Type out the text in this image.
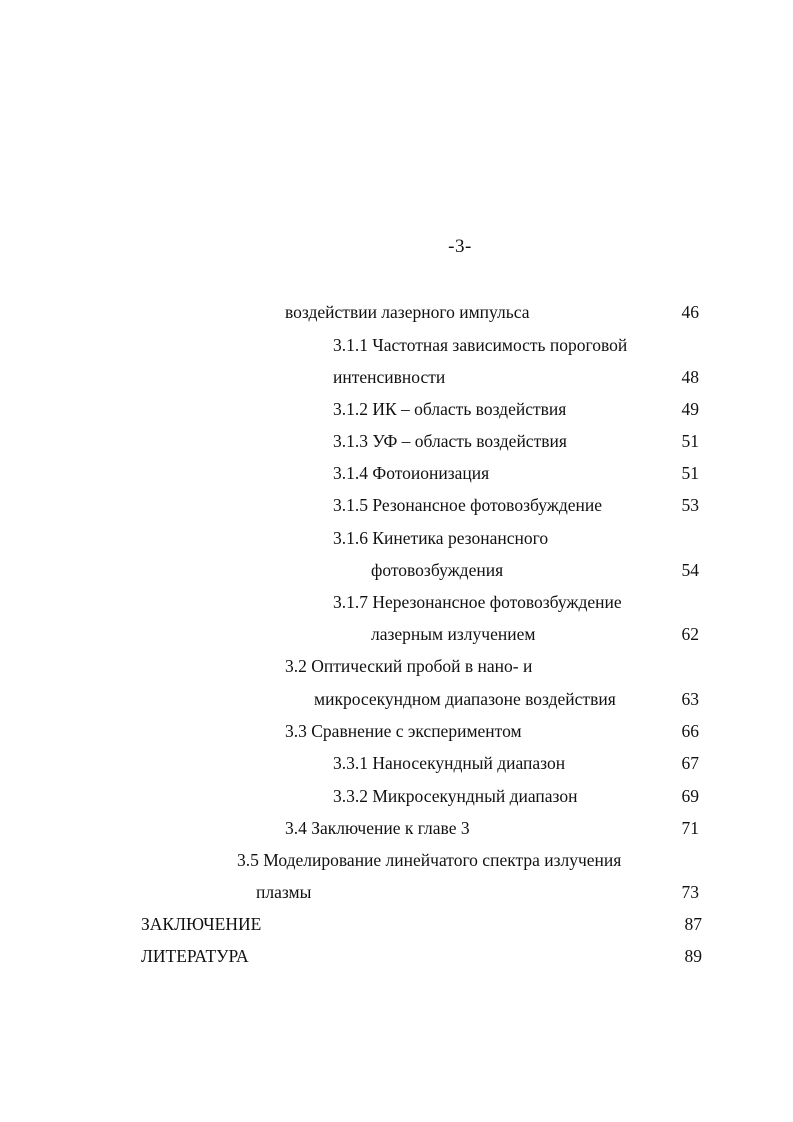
-3-
воздействии лазерного импульса	46
3.1.1 Частотная зависимость пороговой
интенсивности	48
3.1.2 ИК – область воздействия	49
3.1.3 УФ – область воздействия	51
3.1.4 Фотоионизация	51
3.1.5 Резонансное фотовозбуждение	53
3.1.6 Кинетика резонансного
фотовозбуждения	54
3.1.7 Нерезонансное фотовозбуждение
лазерным излучением	62
3.2 Оптический пробой в нано- и
микросекундном диапазоне воздействия	63
3.3 Сравнение с экспериментом	66
3.3.1 Наносекундный диапазон	67
3.3.2 Микросекундный диапазон	69
3.4 Заключение к главе 3	71
3.5 Моделирование линейчатого спектра излучения
плазмы	73
ЗАКЛЮЧЕНИЕ	87
ЛИТЕРАТУРА	89
